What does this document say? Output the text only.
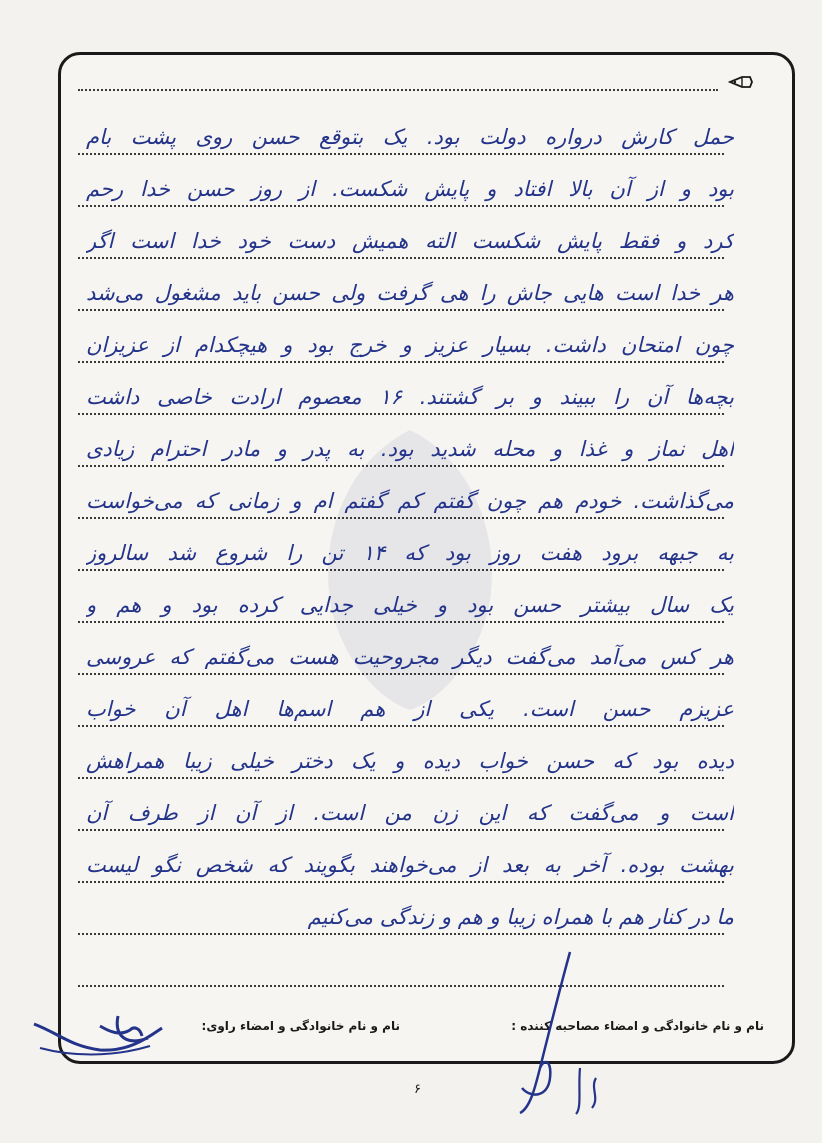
حمل کارش درواره دولت بود. یک بتوقع حسن روی پشت بام
بود و از آن بالا افتاد و پایش شکست. از روز حسن خدا رحم
کرد و فقط پایش شکست الته همیش دست خود خدا است اگر
هر خدا است هایی جاش را هی گرفت ولی حسن باید مشغول می‌شد
چون امتحان داشت. بسیار عزیز و خرج بود و هیچکدام از عزیزان
بچه‌ها آن را ببیند و بر گشتند. ۱۶ معصوم ارادت خاصی داشت
اهل نماز و غذا و محله شدید بود. به پدر و مادر احترام زیادی
می‌گذاشت. خودم هم چون گفتم کم گفتم ام و زمانی که می‌خواست
به جبهه برود هفت روز بود که ۱۴ تن را شروع شد سالروز
یک سال بیشتر حسن بود و خیلی جدایی کرده بود و هم و
هر کس می‌آمد می‌گفت دیگر مجروحیت هست می‌گفتم که عروسی
عزیزم حسن است. یکی از هم اسم‌ها اهل آن خواب
دیده بود که حسن خواب دیده و یک دختر خیلی زیبا همراهش
است و می‌گفت که این زن من است. از آن از طرف آن
بهشت بوده. آخر به بعد از می‌خواهند بگویند که شخص نگو لیست
ما در کنار هم با همراه زیبا و هم و زندگی می‌کنیم
نام و نام خانوادگی و امضاء راوی:	نام و نام خانوادگی و امضاء مصاحبه کننده :
۶
